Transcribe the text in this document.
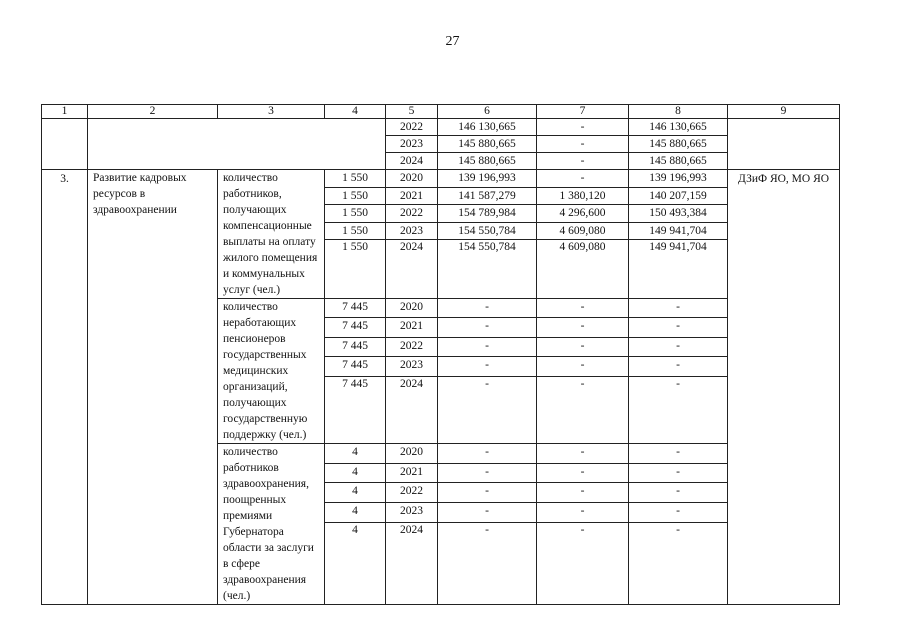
27
1	2	3	4	5	6	7	8	9
				2022	146 130,665	-	146 130,665	
				2023	145 880,665	-	145 880,665	
				2024	145 880,665	-	145 880,665	
3.	Развитие кадровых ресурсов в здравоохранении	количество работников, получающих компенсационные выплаты на оплату жилого помещения и коммунальных услуг (чел.)	1 550	2020	139 196,993	-	139 196,993	ДЗиФ ЯО, МО ЯО
			1 550	2021	141 587,279	1 380,120	140 207,159	
			1 550	2022	154 789,984	4 296,600	150 493,384	
			1 550	2023	154 550,784	4 609,080	149 941,704	
			1 550	2024	154 550,784	4 609,080	149 941,704	
		количество неработающих пенсионеров государственных медицинских организаций, получающих государственную поддержку (чел.)	7 445	2020	-	-	-	
			7 445	2021	-	-	-	
			7 445	2022	-	-	-	
			7 445	2023	-	-	-	
			7 445	2024	-	-	-	
		количество работников здравоохранения, поощренных премиями Губернатора области за заслуги в сфере здравоохранения (чел.)	4	2020	-	-	-	
			4	2021	-	-	-	
			4	2022	-	-	-	
			4	2023	-	-	-	
			4	2024	-	-	-	
